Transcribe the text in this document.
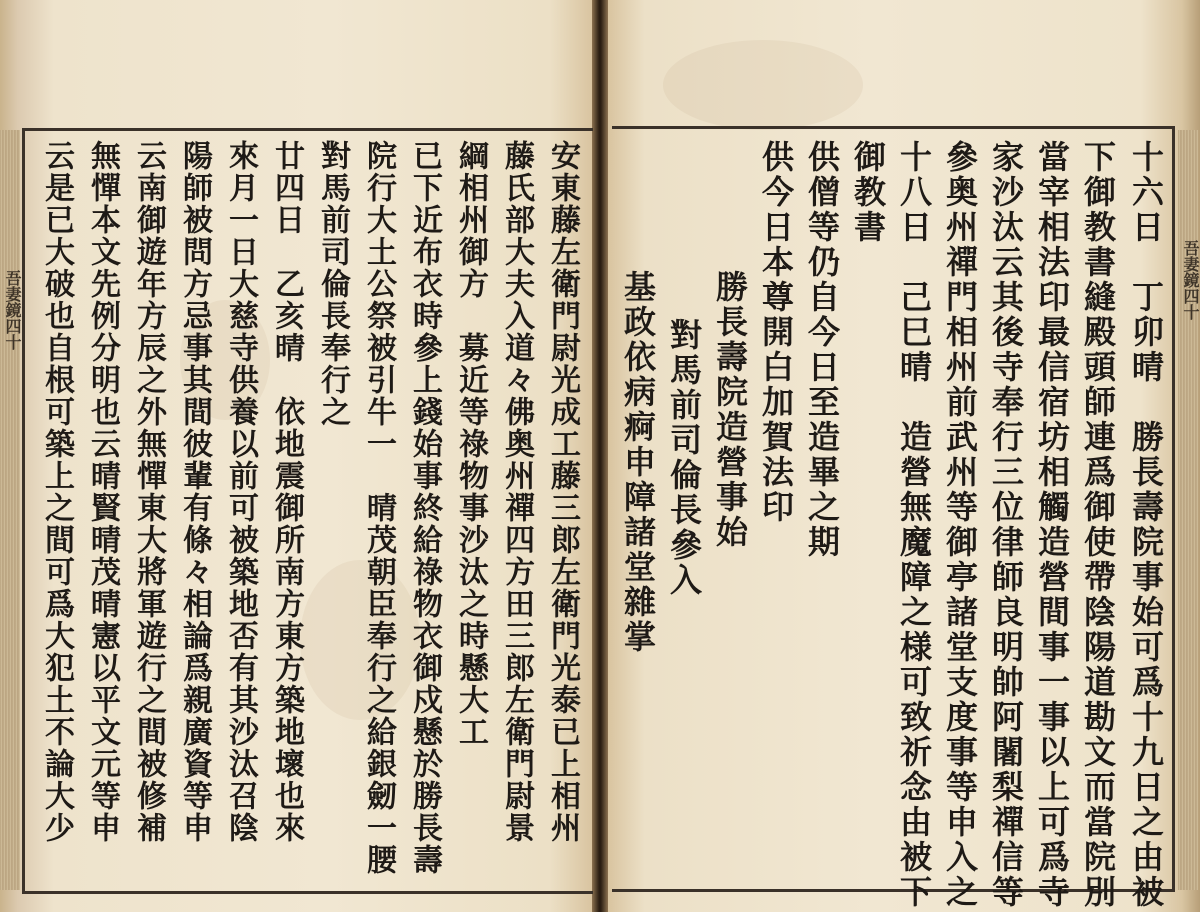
吾妻鏡四十	吾妻鏡四十
十六日　丁卯晴　勝長壽院事始可爲十九日之由被
下御教書縫殿頭師連爲御使帶陰陽道勘文而當院別
當宰相法印最信宿坊相觸造營間事一事以上可爲寺
家沙汰云其後寺奉行三位律師良明帥阿闍梨禪信等
參奥州禪門相州前武州等御亭諸堂支度事等申入之
十八日　己巳晴　造營無魔障之様可致祈念由被下
御教書
供僧等仍自今日至造畢之期
供今日本尊開白加賀法印
勝長壽院造營事始
對馬前司倫長參入
基政依病痾申障諸堂雜掌
安東藤左衛門尉光成工藤三郎左衛門光泰已上相州
藤氏部大夫入道々佛奥州禪四方田三郎左衛門尉景
綱相州御方　募近等祿物事沙汰之時懸大工
已下近布衣時參上錢始事終給祿物衣御戍懸於勝長壽
院行大土公祭被引牛一　晴茂朝臣奉行之給銀劒一腰
對馬前司倫長奉行之
廿四日　乙亥晴　依地震御所南方東方築地壞也來
來月一日大慈寺供養以前可被築地否有其沙汰召陰
陽師被問方忌事其間彼輩有條々相論爲親廣資等申
云南御遊年方辰之外無憚東大將軍遊行之間被修補
無憚本文先例分明也云晴賢晴茂晴憲以平文元等申
云是已大破也自根可築上之間可爲大犯土不論大少
